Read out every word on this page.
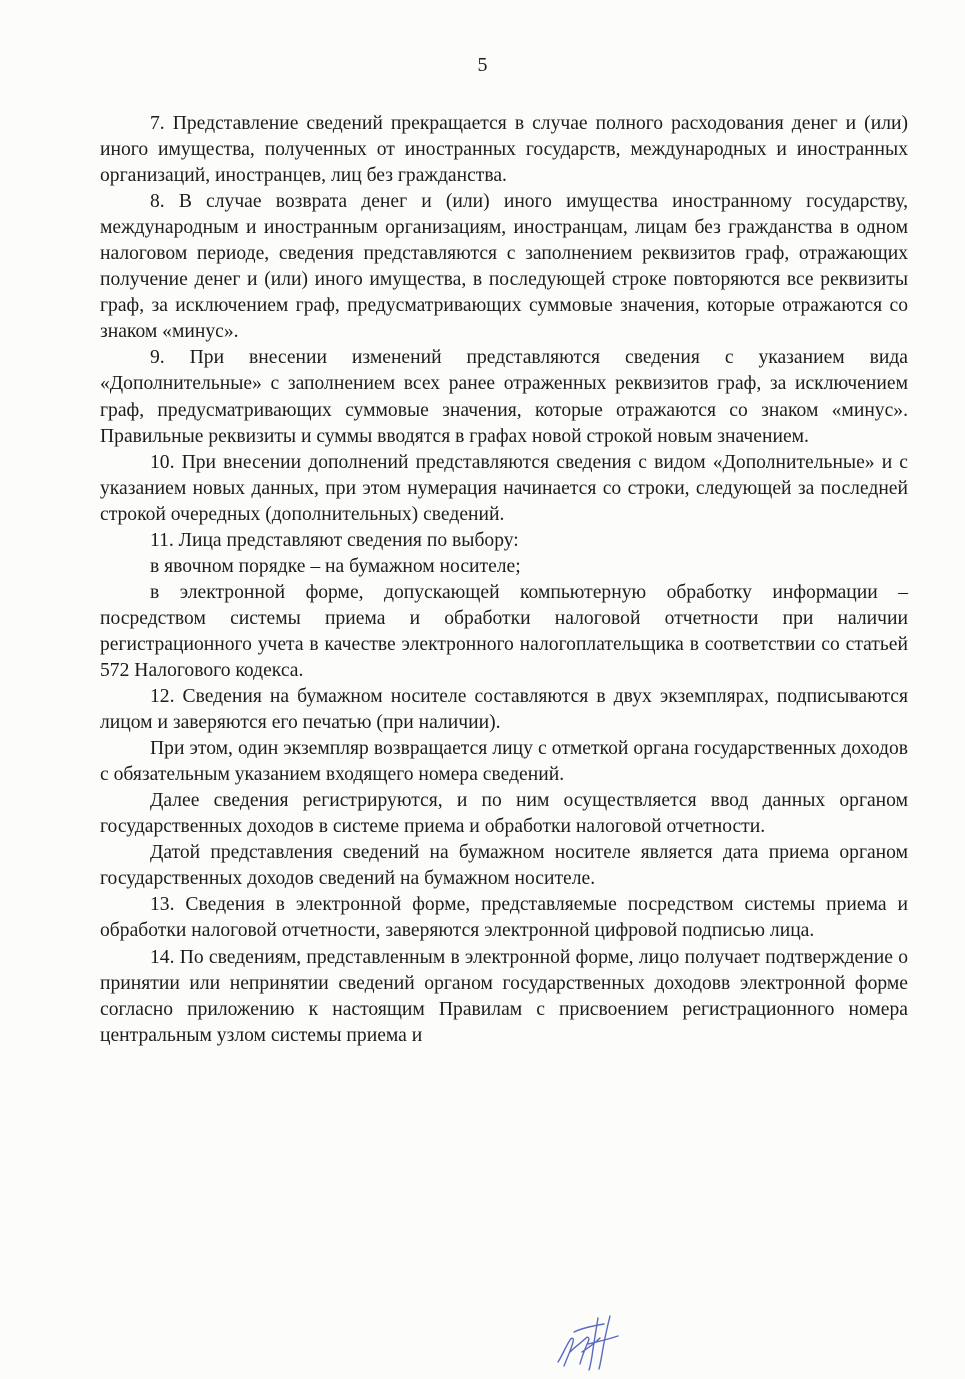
5

7. Представление сведений прекращается в случае полного расходования денег и (или) иного имущества, полученных от иностранных государств, международных и иностранных организаций, иностранцев, лиц без гражданства.

8. В случае возврата денег и (или) иного имущества иностранному государству, международным и иностранным организациям, иностранцам, лицам без гражданства в одном налоговом периоде, сведения представляются с заполнением реквизитов граф, отражающих получение денег и (или) иного имущества, в последующей строке повторяются все реквизиты граф, за исключением граф, предусматривающих суммовые значения, которые отражаются со знаком «минус».

9. При внесении изменений представляются сведения с указанием вида «Дополнительные» с заполнением всех ранее отраженных реквизитов граф, за исключением граф, предусматривающих суммовые значения, которые отражаются со знаком «минус». Правильные реквизиты и суммы вводятся в графах новой строкой новым значением.

10. При внесении дополнений представляются сведения с видом «Дополнительные» и с указанием новых данных, при этом нумерация начинается со строки, следующей за последней строкой очередных (дополнительных) сведений.

11. Лица представляют сведения по выбору:

в явочном порядке – на бумажном носителе;

в электронной форме, допускающей компьютерную обработку информации – посредством системы приема и обработки налоговой отчетности при наличии регистрационного учета в качестве электронного налогоплательщика в соответствии со статьей 572 Налогового кодекса.

12. Сведения на бумажном носителе составляются в двух экземплярах, подписываются лицом и заверяются его печатью (при наличии).

При этом, один экземпляр возвращается лицу с отметкой органа государственных доходов с обязательным указанием входящего номера сведений.

Далее сведения регистрируются, и по ним осуществляется ввод данных органом государственных доходов в системе приема и обработки налоговой отчетности.

Датой представления сведений на бумажном носителе является дата приема органом государственных доходов сведений на бумажном носителе.

13. Сведения в электронной форме, представляемые посредством системы приема и обработки налоговой отчетности, заверяются электронной цифровой подписью лица.

14. По сведениям, представленным в электронной форме, лицо получает подтверждение о принятии или непринятии сведений органом государственных доходовв электронной форме согласно приложению к настоящим Правилам с присвоением регистрационного номера центральным узлом системы приема и
